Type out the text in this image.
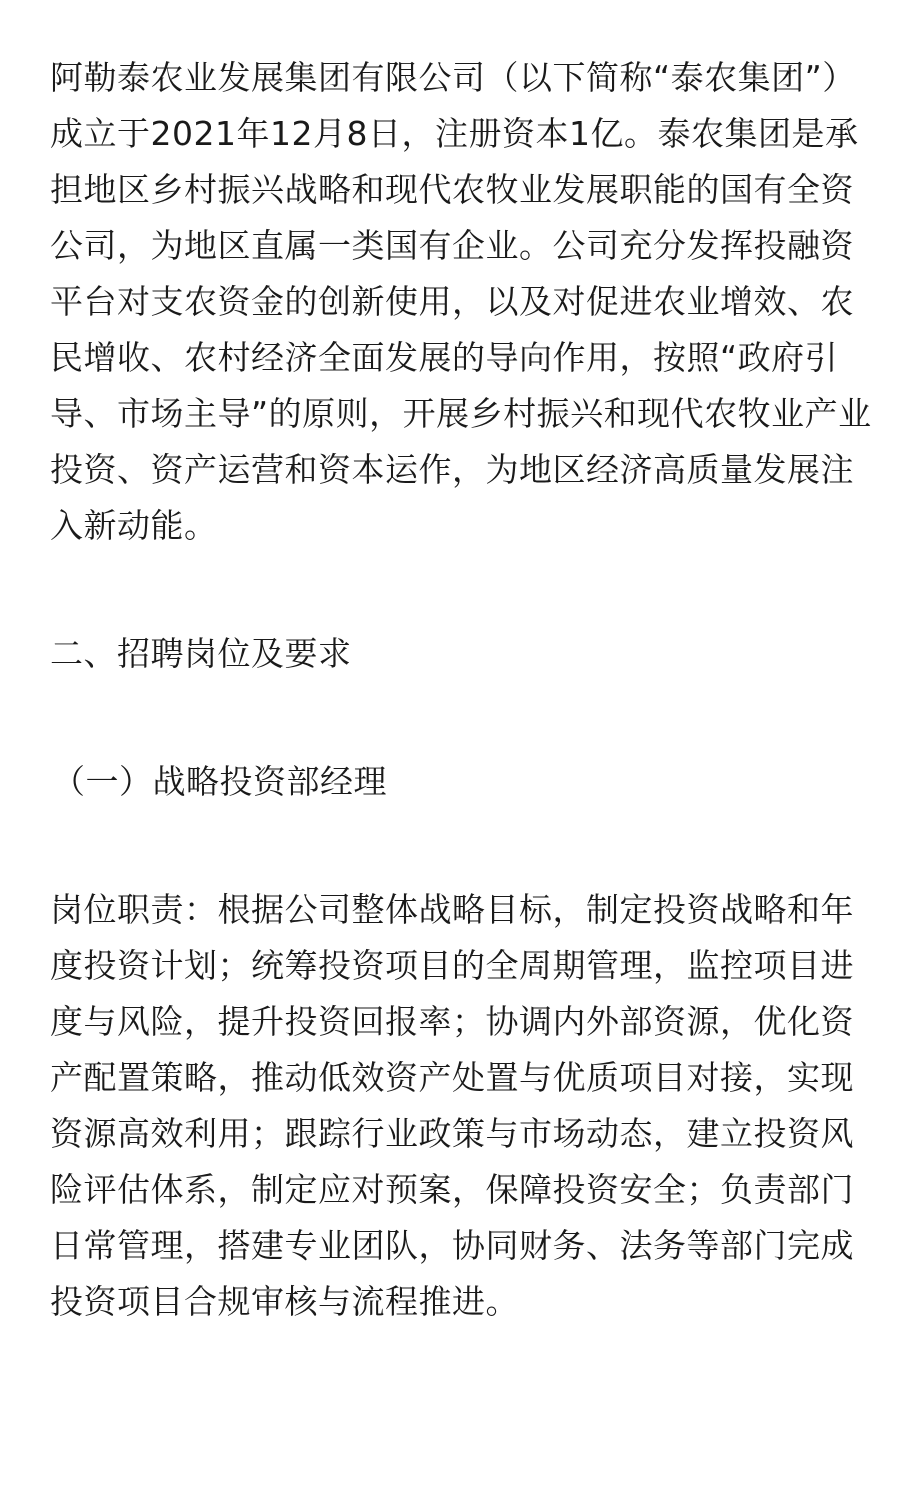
阿勒泰农业发展集团有限公司（以下简称“泰农集团”）
成立于2021年12月8日，注册资本1亿。泰农集团是承
担地区乡村振兴战略和现代农牧业发展职能的国有全资
公司，为地区直属一类国有企业。公司充分发挥投融资
平台对支农资金的创新使用，以及对促进农业增效、农
民增收、农村经济全面发展的导向作用，按照“政府引
导、市场主导”的原则，开展乡村振兴和现代农牧业产业
投资、资产运营和资本运作，为地区经济高质量发展注
入新动能。
二、招聘岗位及要求
（一）战略投资部经理
岗位职责：根据公司整体战略目标，制定投资战略和年
度投资计划；统筹投资项目的全周期管理，监控项目进
度与风险，提升投资回报率；协调内外部资源，优化资
产配置策略，推动低效资产处置与优质项目对接，实现
资源高效利用；跟踪行业政策与市场动态，建立投资风
险评估体系，制定应对预案，保障投资安全；负责部门
日常管理，搭建专业团队，协同财务、法务等部门完成
投资项目合规审核与流程推进。
